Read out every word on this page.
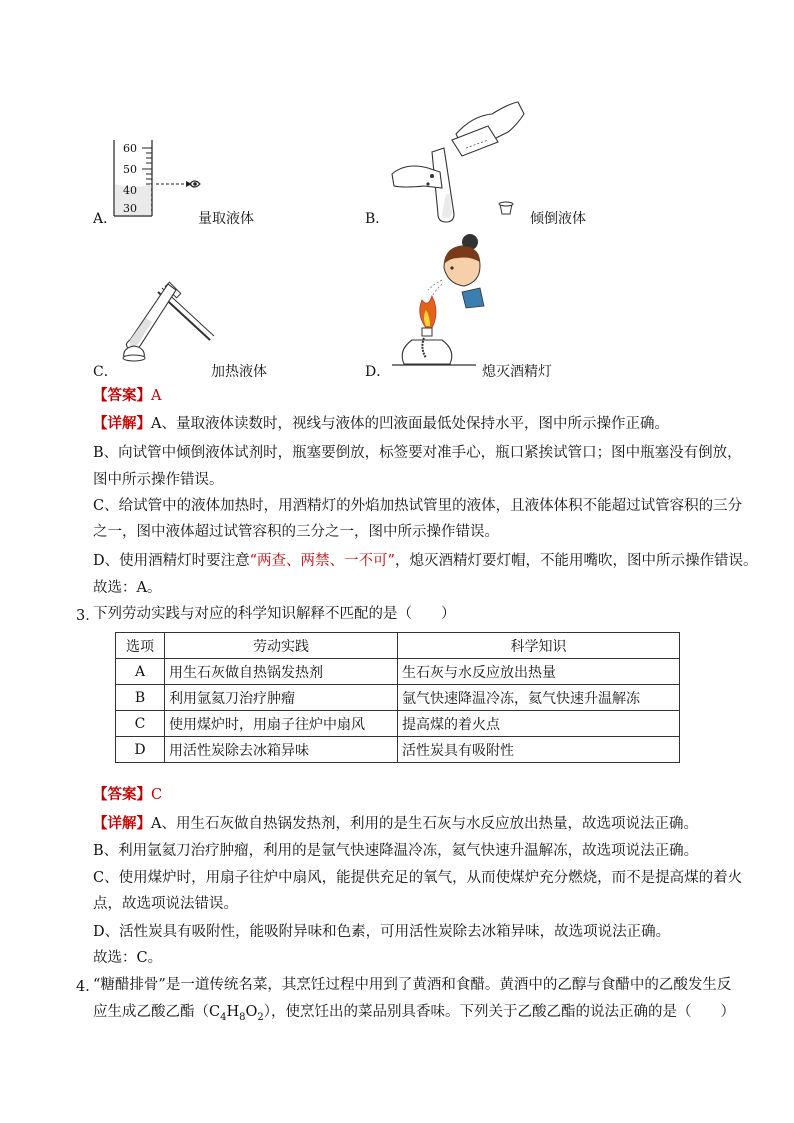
60
50
40
30
A．	量取液体	B．	倾倒液体
C．	加热液体	D．	熄灭酒精灯
【答案】A
【详解】A、量取液体读数时，视线与液体的凹液面最低处保持水平，图中所示操作正确。
B、向试管中倾倒液体试剂时，瓶塞要倒放，标签要对准手心，瓶口紧挨试管口；图中瓶塞没有倒放，
图中所示操作错误。
C、给试管中的液体加热时，用酒精灯的外焰加热试管里的液体，且液体体积不能超过试管容积的三分
之一，图中液体超过试管容积的三分之一，图中所示操作错误。
D、使用酒精灯时要注意“两查、两禁、一不可”，熄灭酒精灯要灯帽，不能用嘴吹，图中所示操作错误。
故选：A。
3．
下列劳动实践与对应的科学知识解释不匹配的是（　　）
选项	劳动实践	科学知识
A	用生石灰做自热锅发热剂	生石灰与水反应放出热量
B	利用氩氦刀治疗肿瘤	氩气快速降温冷冻，氦气快速升温解冻
C	使用煤炉时，用扇子往炉中扇风	提高煤的着火点
D	用活性炭除去冰箱异味	活性炭具有吸附性
【答案】C
【详解】A、用生石灰做自热锅发热剂，利用的是生石灰与水反应放出热量，故选项说法正确。
B、利用氩氦刀治疗肿瘤，利用的是氩气快速降温冷冻，氦气快速升温解冻，故选项说法正确。
C、使用煤炉时，用扇子往炉中扇风，能提供充足的氧气，从而使煤炉充分燃烧，而不是提高煤的着火
点，故选项说法错误。
D、活性炭具有吸附性，能吸附异味和色素，可用活性炭除去冰箱异味，故选项说法正确。
故选：C。
4．
“糖醋排骨”是一道传统名菜，其烹饪过程中用到了黄酒和食醋。黄酒中的乙醇与食醋中的乙酸发生反
应生成乙酸乙酯$(C_4H_8O_2)$，使烹饪出的菜品别具香味。下列关于乙酸乙酯的说法正确的是（　　）
